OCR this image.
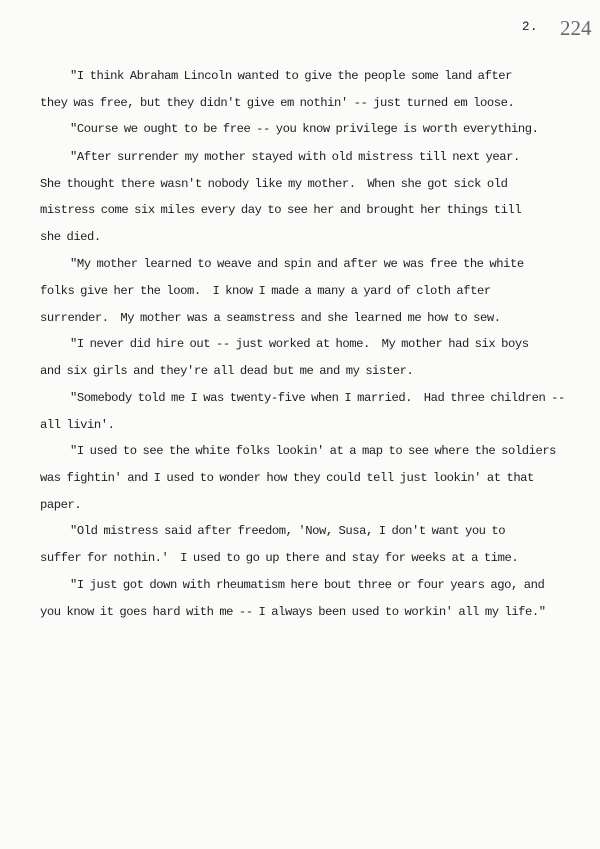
2. 224
"I think Abraham Lincoln wanted to give the people some land after
they was free, but they didn't give em nothin' -- just turned em loose.
"Course we ought to be free -- you know privilege is worth everything.
"After surrender my mother stayed with old mistress till next year.
She thought there wasn't nobody like my mother.  When she got sick old
mistress come six miles every day to see her and brought her things till
she died.
"My mother learned to weave and spin and after we was free the white
folks give her the loom.  I know I made a many a yard of cloth after
surrender.  My mother was a seamstress and she learned me how to sew.
"I never did hire out -- just worked at home.  My mother had six boys
and six girls and they're all dead but me and my sister.
"Somebody told me I was twenty-five when I married.  Had three children --
all livin'.
"I used to see the white folks lookin' at a map to see where the soldiers
was fightin' and I used to wonder how they could tell just lookin' at that
paper.
"Old mistress said after freedom, 'Now, Susa, I don't want you to
suffer for nothin.'  I used to go up there and stay for weeks at a time.
"I just got down with rheumatism here bout three or four years ago, and
you know it goes hard with me -- I always been used to workin' all my life."
